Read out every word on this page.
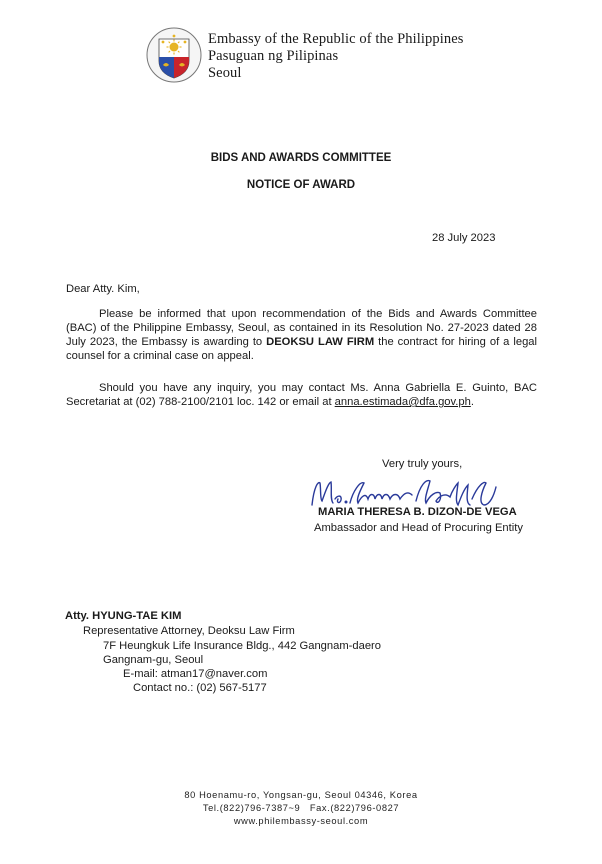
Embassy of the Republic of the Philippines
Pasuguan ng Pilipinas
Seoul
BIDS AND AWARDS COMMITTEE
NOTICE OF AWARD
28 July 2023
Dear Atty. Kim,
Please be informed that upon recommendation of the Bids and Awards Committee (BAC) of the Philippine Embassy, Seoul, as contained in its Resolution No. 27-2023 dated 28 July 2023, the Embassy is awarding to DEOKSU LAW FIRM the contract for hiring of a legal counsel for a criminal case on appeal.
Should you have any inquiry, you may contact Ms. Anna Gabriella E. Guinto, BAC Secretariat at (02) 788-2100/2101 loc. 142 or email at anna.estimada@dfa.gov.ph.
Very truly yours,
MARIA THERESA B. DIZON-DE VEGA
Ambassador and Head of Procuring Entity
Atty. HYUNG-TAE KIM
Representative Attorney, Deoksu Law Firm
7F Heungkuk Life Insurance Bldg., 442 Gangnam-daero
Gangnam-gu, Seoul
E-mail: atman17@naver.com
Contact no.: (02) 567-5177
80 Hoenamu-ro, Yongsan-gu, Seoul 04346, Korea
Tel.(822)796-7387~9   Fax.(822)796-0827
www.philembassy-seoul.com
